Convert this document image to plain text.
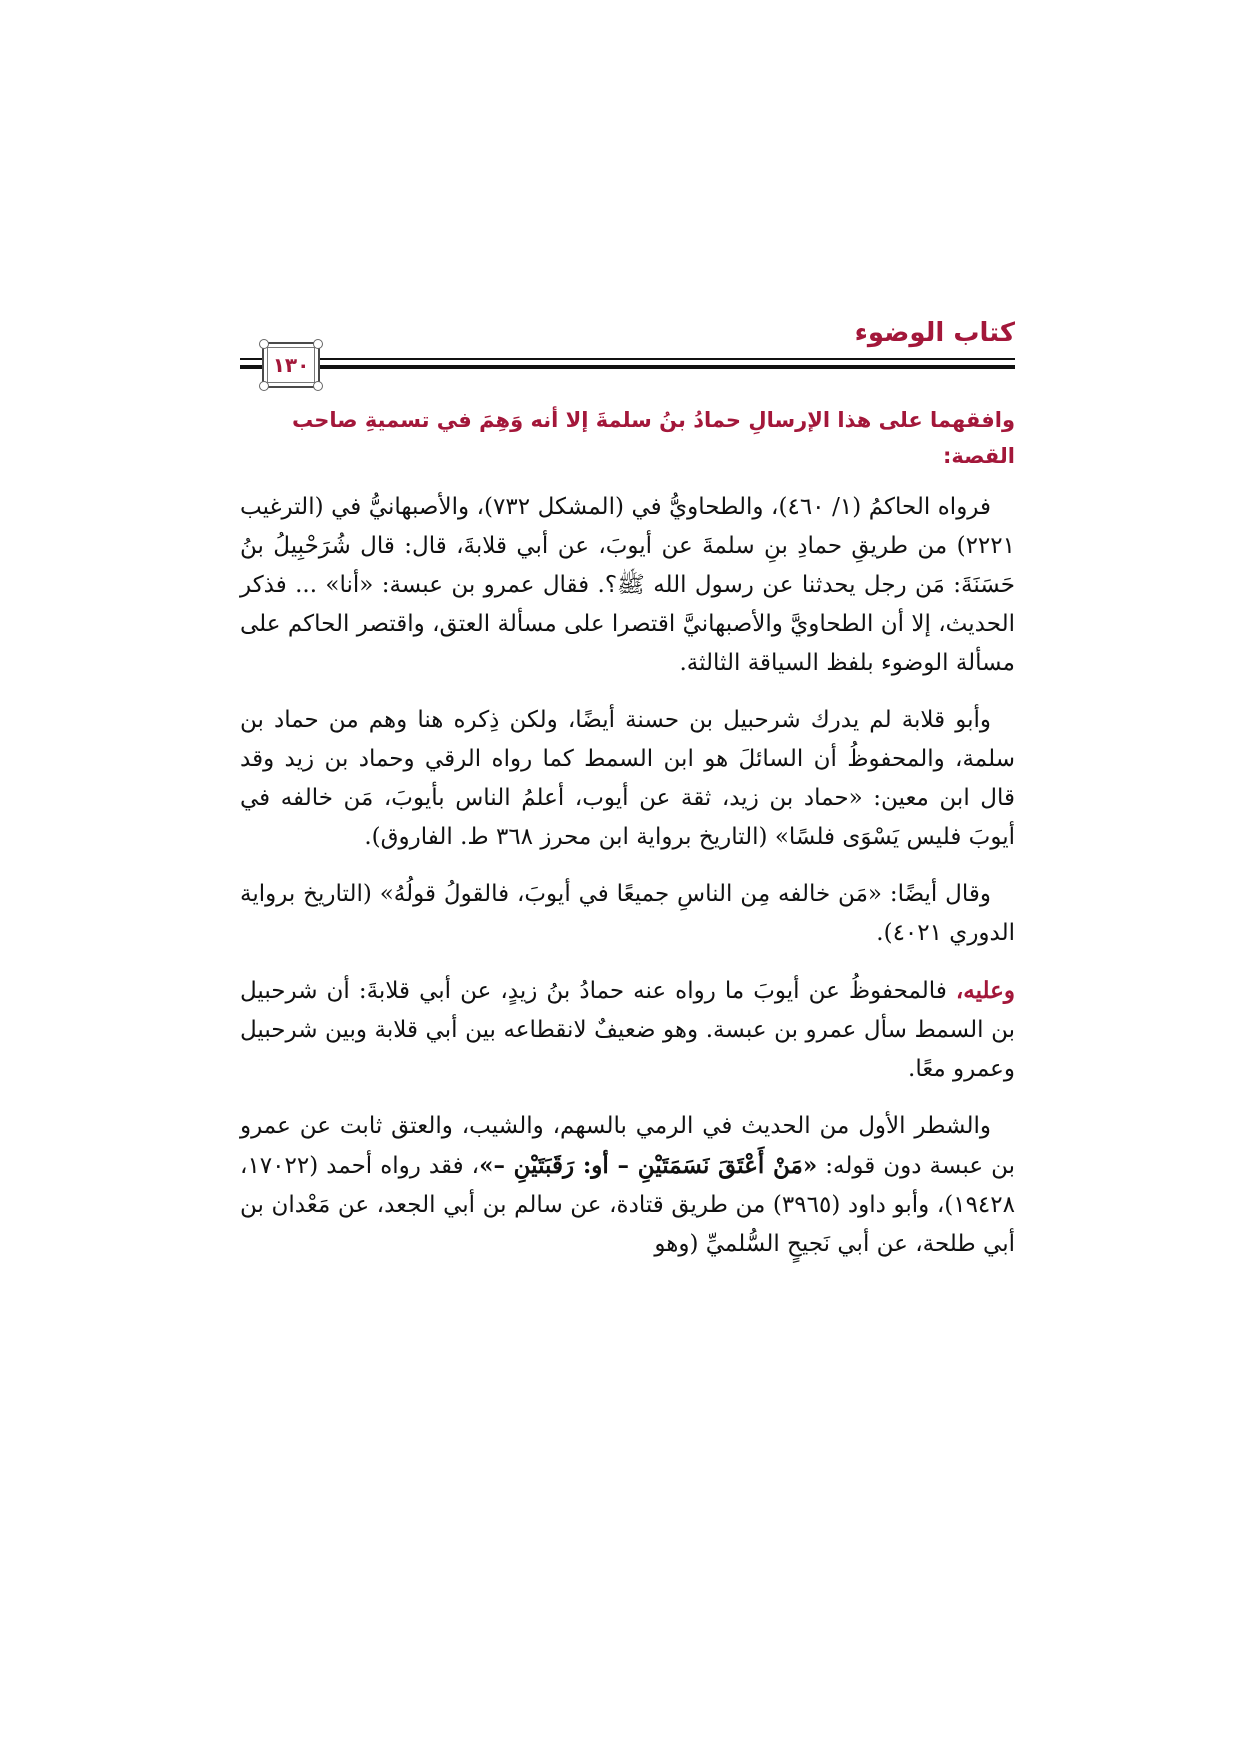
كتاب الوضوء
١٣٠

وافقهما على هذا الإرسالِ حمادُ بنُ سلمةَ إلا أنه وَهِمَ في تسميةِ صاحب القصة:

فرواه الحاكمُ (١/ ٤٦٠)، والطحاويُّ في (المشكل ٧٣٢)، والأصبهانيُّ في (الترغيب ٢٢٢١) من طريقِ حمادِ بنِ سلمةَ عن أيوبَ، عن أبي قلابةَ، قال: قال شُرَحْبِيلُ بنُ حَسَنَةَ: مَن رجل يحدثنا عن رسول الله ﷺ؟. فقال عمرو بن عبسة: «أنا» ... فذكر الحديث، إلا أن الطحاويَّ والأصبهانيَّ اقتصرا على مسألة العتق، واقتصر الحاكم على مسألة الوضوء بلفظ السياقة الثالثة.

وأبو قلابة لم يدرك شرحبيل بن حسنة أيضًا، ولكن ذِكره هنا وهم من حماد بن سلمة، والمحفوظُ أن السائلَ هو ابن السمط كما رواه الرقي وحماد بن زيد وقد قال ابن معين: «حماد بن زيد، ثقة عن أيوب، أعلمُ الناس بأيوبَ، مَن خالفه في أيوبَ فليس يَسْوَى فلسًا» (التاريخ برواية ابن محرز ٣٦٨ ط. الفاروق).

وقال أيضًا: «مَن خالفه مِن الناسِ جميعًا في أيوبَ، فالقولُ قولُهُ» (التاريخ برواية الدوري ٤٠٢١).

وعليه، فالمحفوظُ عن أيوبَ ما رواه عنه حمادُ بنُ زيدٍ، عن أبي قلابةَ: أن شرحبيل بن السمط سأل عمرو بن عبسة. وهو ضعيفٌ لانقطاعه بين أبي قلابة وبين شرحبيل وعمرو معًا.

والشطر الأول من الحديث في الرمي بالسهم، والشيب، والعتق ثابت عن عمرو بن عبسة دون قوله: «مَنْ أَعْتَقَ نَسَمَتَيْنِ – أو: رَقَبَتَيْنِ –»، فقد رواه أحمد (١٧٠٢٢، ١٩٤٢٨)، وأبو داود (٣٩٦٥) من طريق قتادة، عن سالم بن أبي الجعد، عن مَعْدان بن أبي طلحة، عن أبي نَجيحٍ السُّلميِّ (وهو
